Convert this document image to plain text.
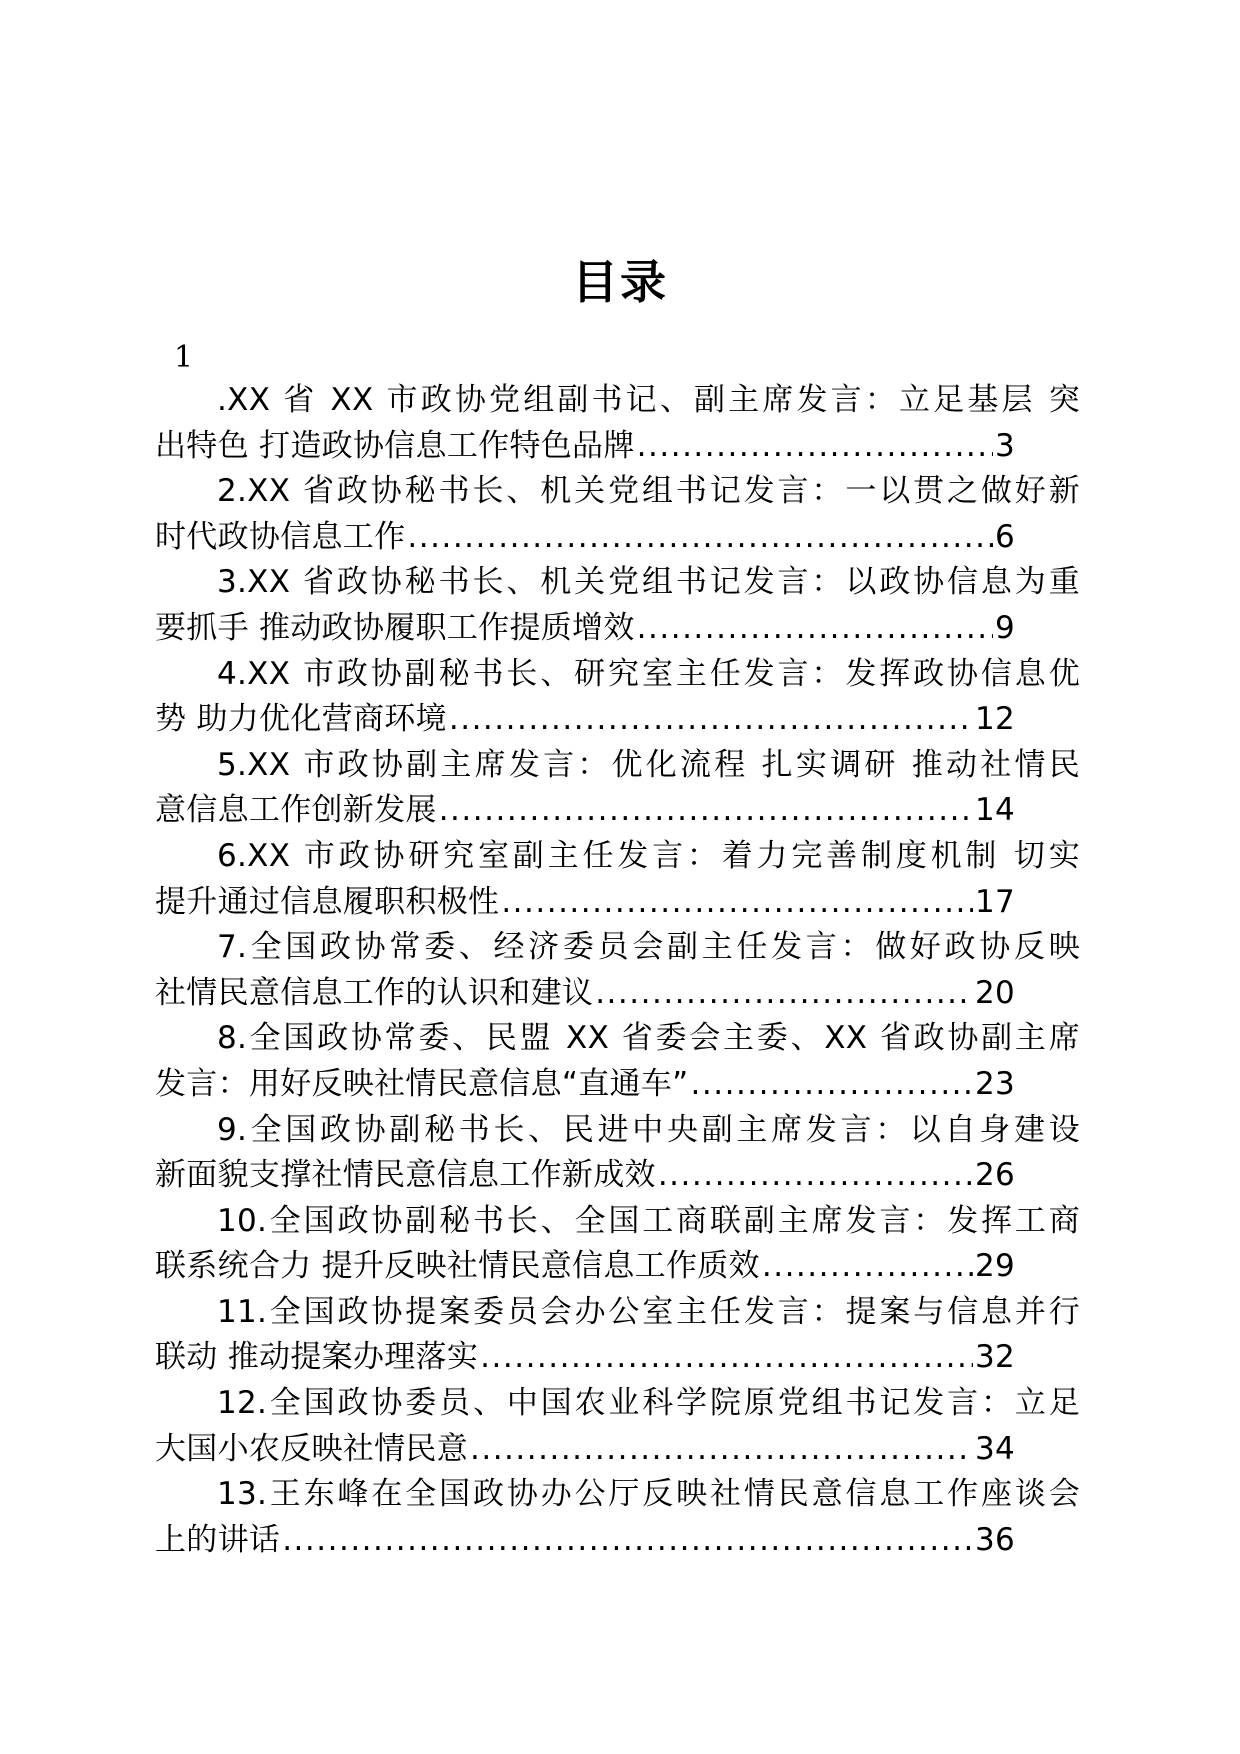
目录
1
.XX 省 XX 市政协党组副书记、副主席发言：立足基层 突
出特色 打造政协信息工作特色品牌 .....	3
2.XX 省政协秘书长、机关党组书记发言：一以贯之做好新
时代政协信息工作 .....	6
3.XX 省政协秘书长、机关党组书记发言：以政协信息为重
要抓手 推动政协履职工作提质增效 .....	9
4.XX 市政协副秘书长、研究室主任发言：发挥政协信息优
势 助力优化营商环境 .....	12
5.XX 市政协副主席发言：优化流程 扎实调研 推动社情民
意信息工作创新发展 .....	14
6.XX 市政协研究室副主任发言：着力完善制度机制 切实
提升通过信息履职积极性 .....	17
7.全国政协常委、经济委员会副主任发言：做好政协反映
社情民意信息工作的认识和建议 .....	20
8.全国政协常委、民盟 XX 省委会主委、XX 省政协副主席
发言：用好反映社情民意信息“直通车” .....	23
9.全国政协副秘书长、民进中央副主席发言：以自身建设
新面貌支撑社情民意信息工作新成效 .....	26
10.全国政协副秘书长、全国工商联副主席发言：发挥工商
联系统合力 提升反映社情民意信息工作质效 .....	29
11.全国政协提案委员会办公室主任发言：提案与信息并行
联动 推动提案办理落实 .....	32
12.全国政协委员、中国农业科学院原党组书记发言：立足
大国小农反映社情民意 .....	34
13.王东峰在全国政协办公厅反映社情民意信息工作座谈会
上的讲话 .....	36
